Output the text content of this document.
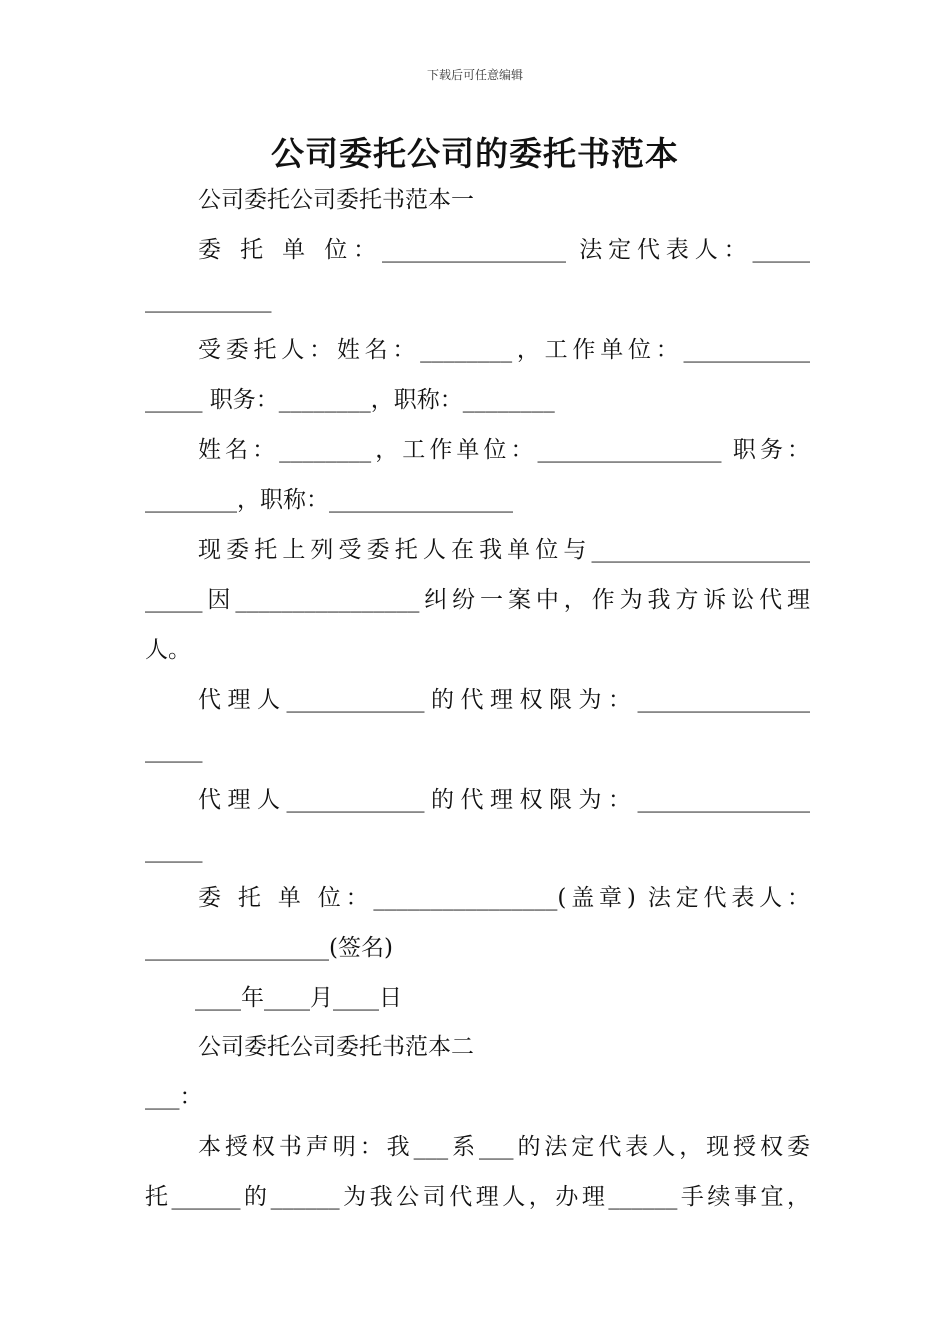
下载后可任意编辑
公司委托公司的委托书范本
公司委托公司委托书范本一
委 托 单 位：________________ 法定代表人：_____
___________
受委托人：姓名：________，工作单位：___________
_____ 职务：________，职称：________
姓名：________，工作单位：________________ 职务：
________，职称：________________
现委托上列受委托人在我单位与___________________
_____因________________纠纷一案中，作为我方诉讼代理
人。
代理人____________的代理权限为：_______________
_____
代理人____________的代理权限为：_______________
_____
委 托 单 位：________________(盖章) 法定代表人：
________________(签名)
____年____月____日
公司委托公司委托书范本二
___：
本授权书声明：我___系___的法定代表人，现授权委
托______的______为我公司代理人，办理______手续事宜，
